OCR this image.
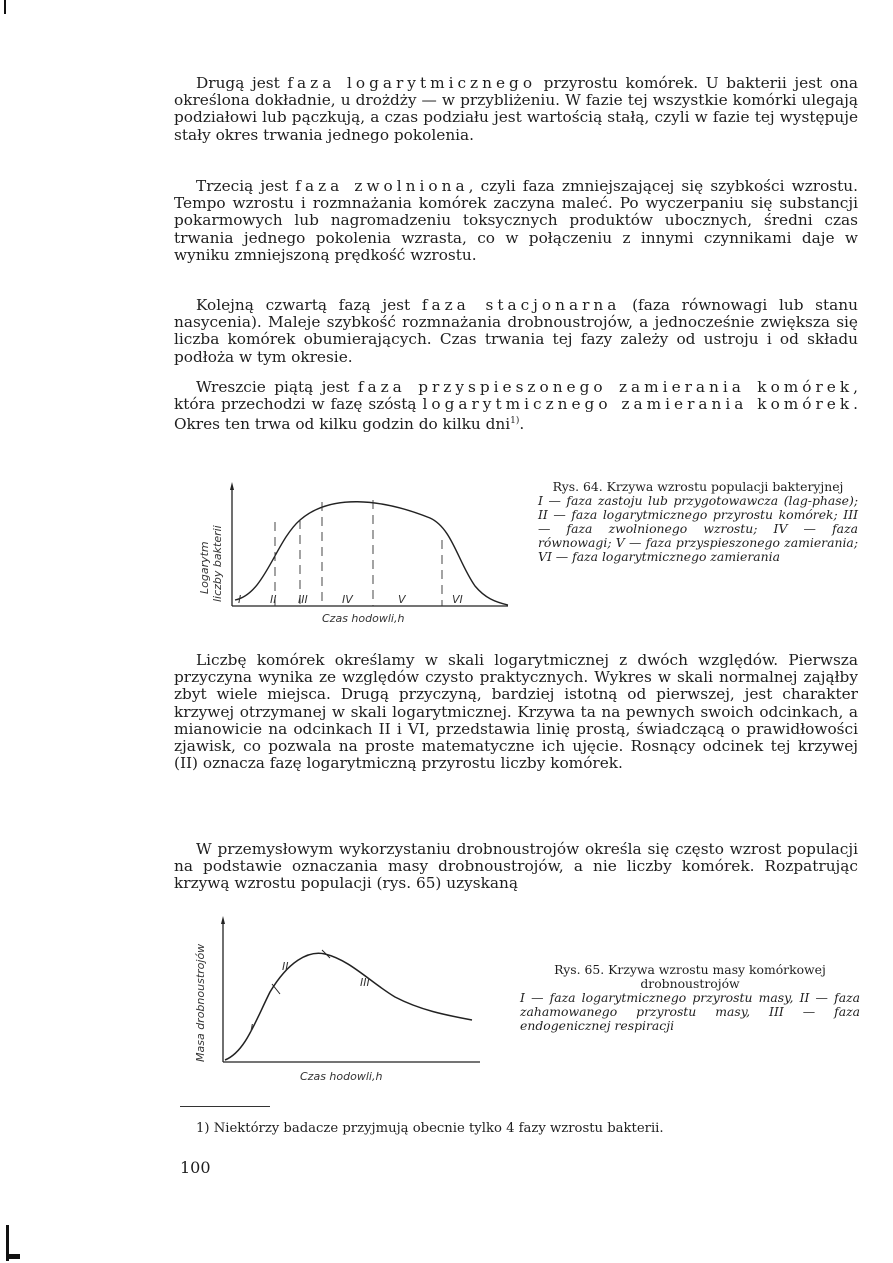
Drugą jest faza logarytmicznego przyrostu komórek. U bakterii jest ona określona dokładnie, u drożdży — w przybliżeniu. W fazie tej wszystkie komórki ulegają podziałowi lub pączkują, a czas podziału jest wartością stałą, czyli w fazie tej występuje stały okres trwania jednego pokolenia.

Trzecią jest faza zwolniona, czyli faza zmniejszającej się szybkości wzrostu. Tempo wzrostu i rozmnażania komórek zaczyna maleć. Po wyczerpaniu się substancji pokarmowych lub nagromadzeniu toksycznych produktów ubocznych, średni czas trwania jednego pokolenia wzrasta, co w połączeniu z innymi czynnikami daje w wyniku zmniejszoną prędkość wzrostu.

Kolejną czwartą fazą jest faza stacjonarna (faza równowagi lub stanu nasycenia). Maleje szybkość rozmnażania drobnoustrojów, a jednocześnie zwiększa się liczba komórek obumierających. Czas trwania tej fazy zależy od ustroju i od składu podłoża w tym okresie.

Wreszcie piątą jest faza przyspieszonego zamierania komórek, która przechodzi w fazę szóstą logarytmicznego zamierania komórek. Okres ten trwa od kilku godzin do kilku dni$^{1)}$.

Logarytm liczby bakterii I	II III	IV	V	VI
Czas hodowli,h
Rys. 64. Krzywa wzrostu populacji bakteryjnej
I — faza zastoju lub przygotowawcza (lag-phase); II — faza logarytmicznego przyrostu komórek; III — faza zwolnionego wzrostu; IV — faza równowagi; V — faza przyspieszonego zamierania; VI — faza logarytmicznego zamierania

Liczbę komórek określamy w skali logarytmicznej z dwóch względów. Pierwsza przyczyna wynika ze względów czysto praktycznych. Wykres w skali normalnej zająłby zbyt wiele miejsca. Drugą przyczyną, bardziej istotną od pierwszej, jest charakter krzywej otrzymanej w skali logarytmicznej. Krzywa ta na pewnych swoich odcinkach, a mianowicie na odcinkach II i VI, przedstawia linię prostą, świadczącą o prawidłowości zjawisk, co pozwala na proste matematyczne ich ujęcie. Rosnący odcinek tej krzywej (II) oznacza fazę logarytmiczną przyrostu liczby komórek.

W przemysłowym wykorzystaniu drobnoustrojów określa się często wzrost populacji na podstawie oznaczania masy drobnoustrojów, a nie liczby komórek. Rozpatrując krzywą wzrostu populacji (rys. 65) uzyskaną

Masa drobnoustrojów	I
II
III
Czas hodowli,h
Rys. 65. Krzywa wzrostu masy komórkowej drobnoustrojów
I — faza logarytmicznego przyrostu masy, II — faza zahamowanego przyrostu masy, III — faza endogenicznej respiracji
1) Niektórzy badacze przyjmują obecnie tylko 4 fazy wzrostu bakterii.
100
